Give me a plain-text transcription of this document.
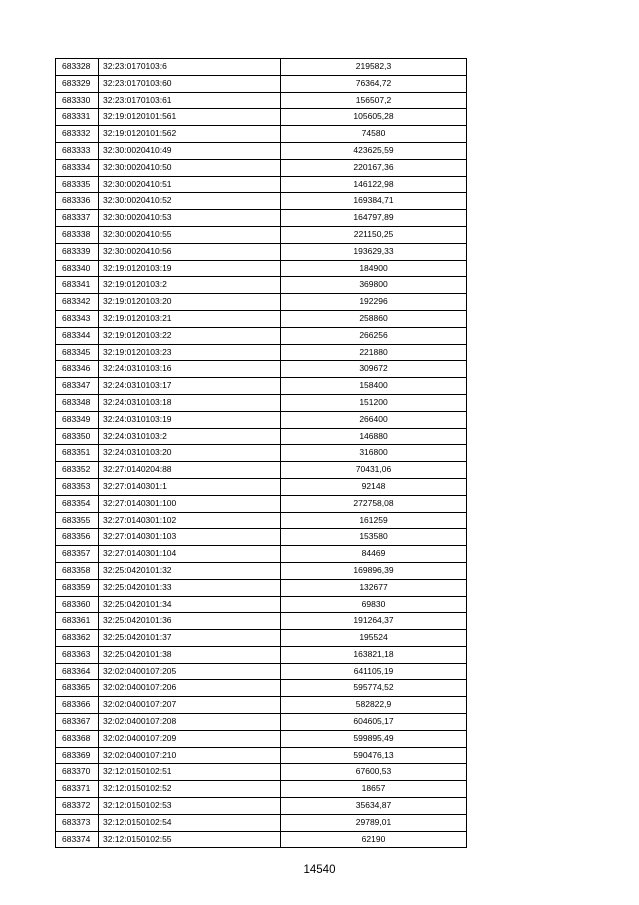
683328	32:23:0170103:6	219582,3
683329	32:23:0170103:60	76364,72
683330	32:23:0170103:61	156507,2
683331	32:19:0120101:561	105605,28
683332	32:19:0120101:562	74580
683333	32:30:0020410:49	423625,59
683334	32:30:0020410:50	220167,36
683335	32:30:0020410:51	146122,98
683336	32:30:0020410:52	169384,71
683337	32:30:0020410:53	164797,89
683338	32:30:0020410:55	221150,25
683339	32:30:0020410:56	193629,33
683340	32:19:0120103:19	184900
683341	32:19:0120103:2	369800
683342	32:19:0120103:20	192296
683343	32:19:0120103:21	258860
683344	32:19:0120103:22	266256
683345	32:19:0120103:23	221880
683346	32:24:0310103:16	309672
683347	32:24:0310103:17	158400
683348	32:24:0310103:18	151200
683349	32:24:0310103:19	266400
683350	32:24:0310103:2	146880
683351	32:24:0310103:20	316800
683352	32:27:0140204:88	70431,06
683353	32:27:0140301:1	92148
683354	32:27:0140301:100	272758,08
683355	32:27:0140301:102	161259
683356	32:27:0140301:103	153580
683357	32:27:0140301:104	84469
683358	32:25:0420101:32	169896,39
683359	32:25:0420101:33	132677
683360	32:25:0420101:34	69830
683361	32:25:0420101:36	191264,37
683362	32:25:0420101:37	195524
683363	32:25:0420101:38	163821,18
683364	32:02:0400107:205	641105,19
683365	32:02:0400107:206	595774,52
683366	32:02:0400107:207	582822,9
683367	32:02:0400107:208	604605,17
683368	32:02:0400107:209	599895,49
683369	32:02:0400107:210	590476,13
683370	32:12:0150102:51	67600,53
683371	32:12:0150102:52	18657
683372	32:12:0150102:53	35634,87
683373	32:12:0150102:54	29789,01
683374	32:12:0150102:55	62190
14540
